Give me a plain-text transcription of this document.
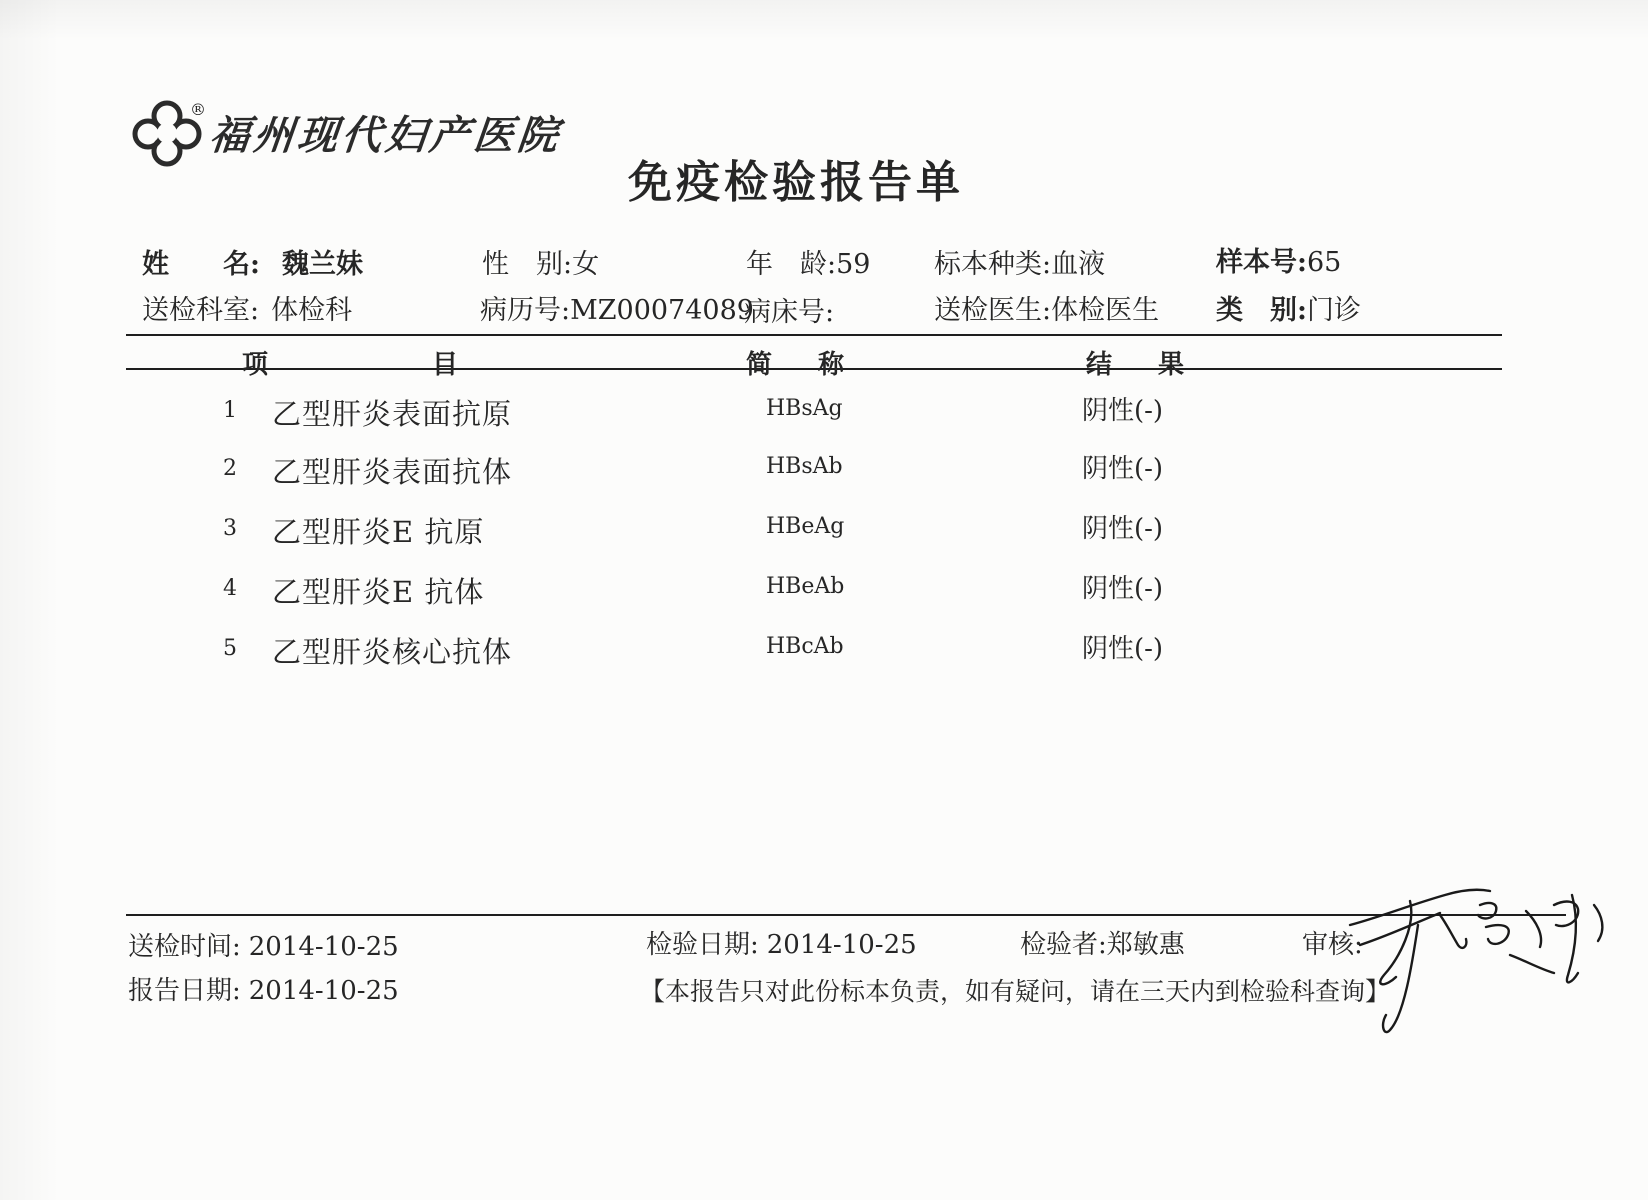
福州现代妇产医院
®
免疫检验报告单
姓　　名: 魏兰妹	性　别:女	年　龄:59 标本种类:血液	样本号:65
送检科室: 体检科	病历号:MZ00074089
病床号:	送检医生:体检医生 类　别:门诊
项	目	简 称	结 果
1	乙型肝炎表面抗原	HBsAg	阴性(-)
2	乙型肝炎表面抗体	HBsAb	阴性(-)
3	乙型肝炎E 抗原	HBeAg	阴性(-)
4	乙型肝炎E 抗体	HBeAb	阴性(-)
5	乙型肝炎核心抗体	HBcAb	阴性(-)
送检时间: 2014-10-25
报告日期: 2014-10-25
检验日期: 2014-10-25	检验者:郑敏惠	审核:
【本报告只对此份标本负责，如有疑问，请在三天内到检验科查询】
